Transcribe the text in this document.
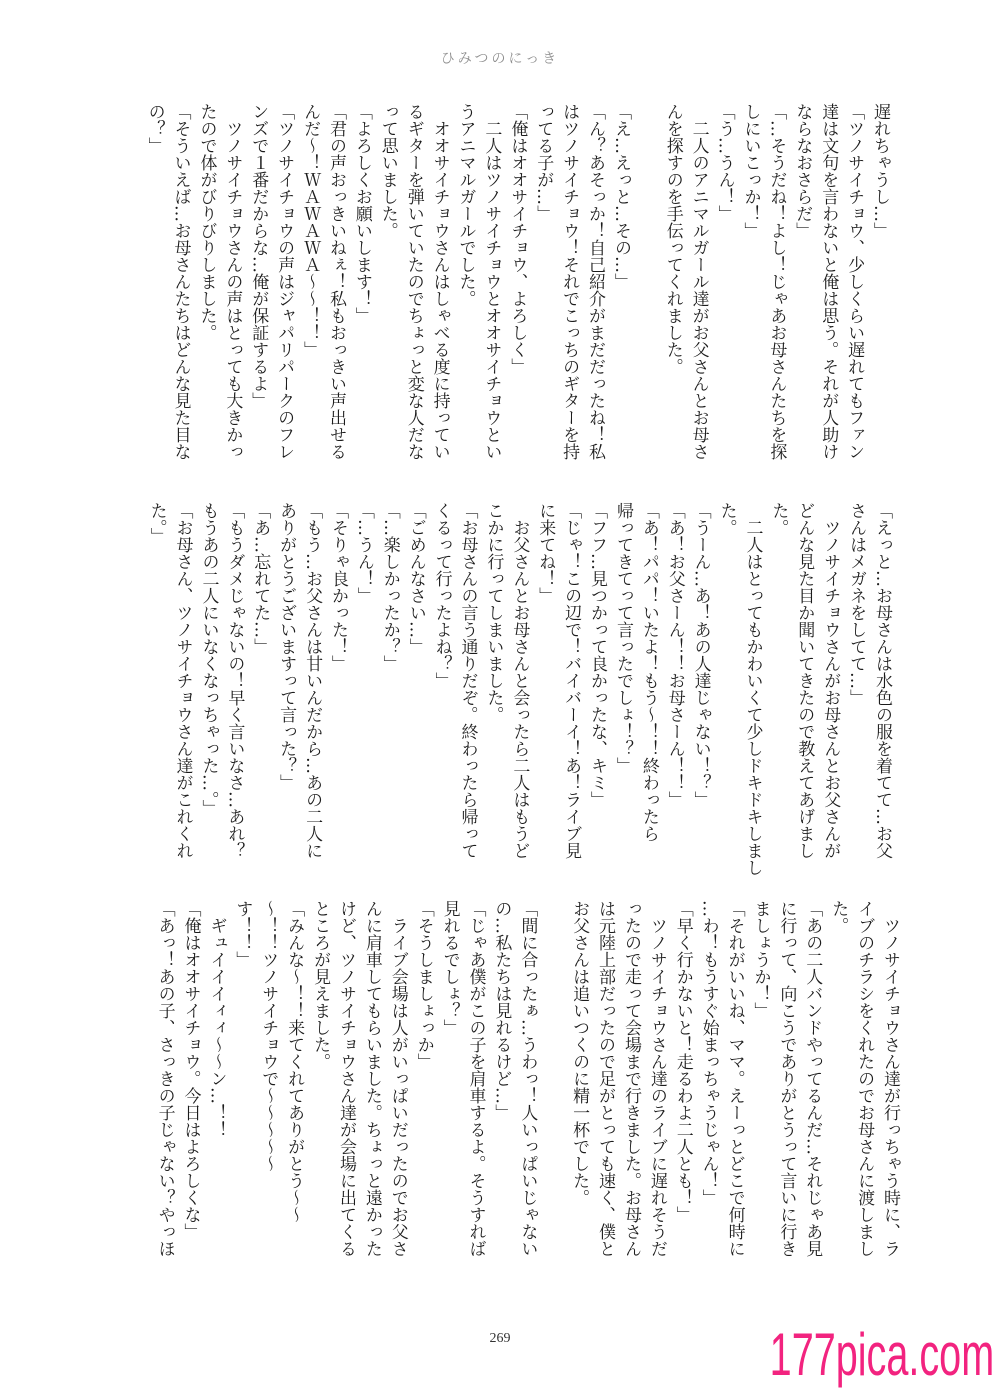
ひみつのにっき
遅れちゃうし…」
「ツノサイチョウ、少しくらい遅れてもファン
達は文句を言わないと俺は思う。それが人助け
ならなおさらだ」
「…そうだね！よし！じゃあお母さんたちを探
しにいこっか！」
「う…うん！」
　二人のアニマルガール達がお父さんとお母さ
んを探すのを手伝ってくれました。
「え…えっと…その…」
「ん？あそっか！自己紹介がまだだったね！私
はツノサイチョウ！それでこっちのギターを持
ってる子が…」
「俺はオオサイチョウ、よろしく」
　二人はツノサイチョウとオオサイチョウとい
うアニマルガールでした。
　オオサイチョウさんはしゃべる度に持ってい
るギターを弾いていたのでちょっと変な人だな
って思いました。
「よろしくお願いします！」
「君の声おっきいねぇ！私もおっきい声出せる
んだ〜！ＷＡＷＡＷＡ〜〜！！」
「ツノサイチョウの声はジャパリパークのフレ
ンズで１番だからな…俺が保証するよ」
　ツノサイチョウさんの声はとっても大きかっ
たので体がびりびりしました。
「そういえば…お母さんたちはどんな見た目な
の？」
「えっと…お母さんは水色の服を着てて…お父
さんはメガネをしてて…」
　ツノサイチョウさんがお母さんとお父さんが
どんな見た目か聞いてきたので教えてあげまし
た。
　二人はとってもかわいくて少しドキドキしまし
た。
「うーん…あ！あの人達じゃない！？」
「あ！お父さーん！！お母さーん！！」
「あ！パパ！いたよ！もう〜！！終わったら
帰ってきてって言ったでしょ！？」
「フフ…見つかって良かったな、キミ」
「じゃ！この辺で！バイバーイ！あ！ライブ見
に来てね！」
　お父さんとお母さんと会ったら二人はもうど
こかに行ってしまいました。
「お母さんの言う通りだぞ。終わったら帰って
くるって行ったよね？」
「ごめんなさい…」
「…楽しかったか？」
「…うん！」
「そりゃ良かった！」
「もう…お父さんは甘いんだから…あの二人に
ありがとうございますって言った？」
「あ…忘れてた…」
「もうダメじゃないの！早く言いなさ…あれ？
もうあの二人にいなくなっちゃった…。」
「お母さん、ツノサイチョウさん達がこれくれ
た。」
　ツノサイチョウさん達が行っちゃう時に、ラ
イブのチラシをくれたのでお母さんに渡しまし
た。
「あの二人バンドやってるんだ…それじゃあ見
に行って、向こうでありがとうって言いに行き
ましょうか！」
「それがいいね、ママ。えーっとどこで何時に
…わ！もうすぐ始まっちゃうじゃん！」
「早く行かないと！走るわよ二人とも！」
　ツノサイチョウさん達のライブに遅れそうだ
ったので走って会場まで行きました。お母さん
は元陸上部だったので足がとっても速く、僕と
お父さんは追いつくのに精一杯でした。
「間に合ったぁ…うわっ！人いっぱいじゃない
の…私たちは見れるけど…」
「じゃあ僕がこの子を肩車するよ。そうすれば
見れるでしょ？」
「そうしましょっか」
　ライブ会場は人がいっぱいだったのでお父さ
んに肩車してもらいました。ちょっと遠かった
けど、ツノサイチョウさん達が会場に出てくる
ところが見えました。
「みんな〜！！来てくれてありがとう〜〜
〜！！ツノサイチョウで〜〜〜〜〜
す！！」
　ギュイイイィィ〜〜ン…！！
「俺はオオサイチョウ。今日はよろしくな」
「あっ！あの子、さっきの子じゃない？やっほ
269	177pica.com
